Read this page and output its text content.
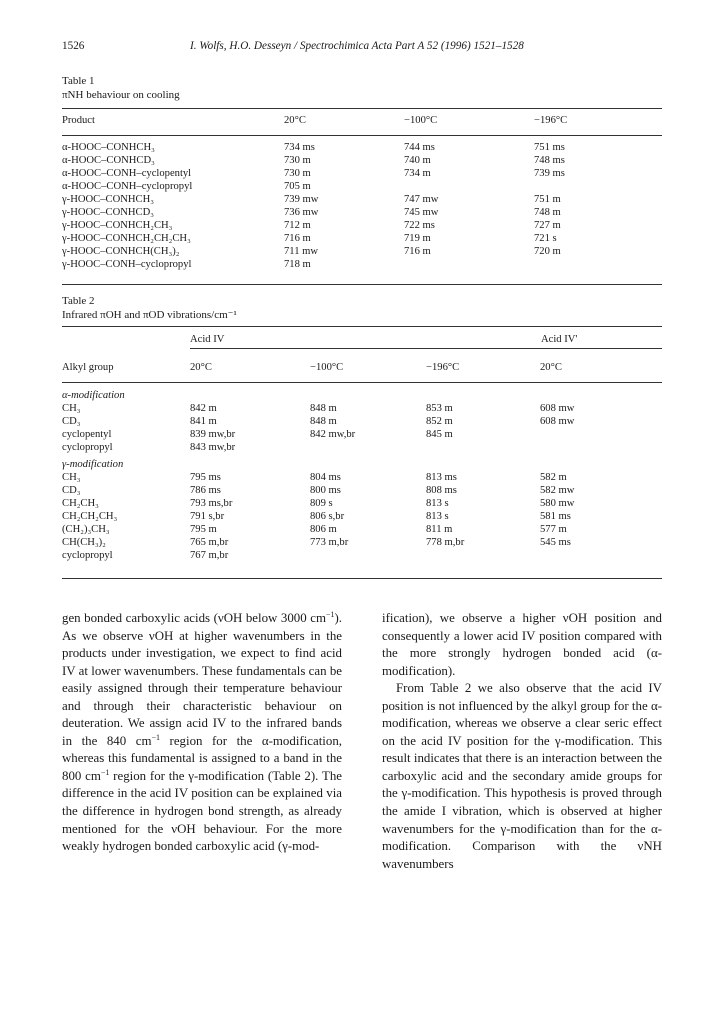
1526	I. Wolfs, H.O. Desseyn / Spectrochimica Acta Part A 52 (1996) 1521–1528
Table 1
πNH behaviour on cooling
Product	20°C	−100°C	−196°C
α-HOOC–CONHCH₃	734 ms	744 ms	751 ms
α-HOOC–CONHCD₃	730 m	740 m	748 ms
α-HOOC–CONH–cyclopentyl	730 m	734 m	739 ms
α-HOOC–CONH–cyclopropyl	705 m		
γ-HOOC–CONHCH₃	739 mw	747 mw	751 m
γ-HOOC–CONHCD₃	736 mw	745 mw	748 m
γ-HOOC–CONHCH₂CH₃	712 m	722 ms	727 m
γ-HOOC–CONHCH₂CH₂CH₃	716 m	719 m	721 s
γ-HOOC–CONHCH(CH₃)₂	711 mw	716 m	720 m
γ-HOOC–CONH–cyclopropyl	718 m		
Table 2
Infrared πOH and πOD vibrations/cm⁻¹
Acid IV	Acid IV'
Alkyl group	20°C	−100°C	−196°C	20°C
α-modification				
CH₃	842 m	848 m	853 m	608 mw
CD₃	841 m	848 m	852 m	608 mw
cyclopentyl	839 mw,br	842 mw,br	845 m	
cyclopropyl	843 mw,br			

γ-modification				
CH₃	795 ms	804 ms	813 ms	582 m
CD₃	786 ms	800 ms	808 ms	582 mw
CH₂CH₃	793 ms,br	809 s	813 s	580 mw
CH₂CH₂CH₃	791 s,br	806 s,br	813 s	581 ms
(CH₂)₃CH₃	795 m	806 m	811 m	577 m
CH(CH₃)₂	765 m,br	773 m,br	778 m,br	545 ms
cyclopropyl	767 m,br			

gen bonded carboxylic acids (νOH below 3000 $cm^{-1}$). As we observe νOH at higher wavenumbers in the products under investigation, we expect to find acid IV at lower wavenumbers. These fundamentals can be easily assigned through their temperature behaviour and through their characteristic behaviour on deuteration. We assign acid IV to the infrared bands in the 840 $cm^{-1}$ region for the α-modification, whereas this fundamental is assigned to a band in the 800 $cm^{-1}$ region for the γ-modification (Table 2). The difference in the acid IV position can be explained via the difference in hydrogen bond strength, as already mentioned for the νOH behaviour. For the more weakly hydrogen bonded carboxylic acid (γ-mod-

ification), we observe a higher νOH position and consequently a lower acid IV position compared with the more strongly hydrogen bonded acid (α-modification).

From Table 2 we also observe that the acid IV position is not influenced by the alkyl group for the α-modification, whereas we observe a clear seric effect on the acid IV position for the γ-modification. This result indicates that there is an interaction between the carboxylic acid and the secondary amide groups for the γ-modification. This hypothesis is proved through the amide I vibration, which is observed at higher wavenumbers for the γ-modification than for the α-modification. Comparison with the νNH wavenumbers
